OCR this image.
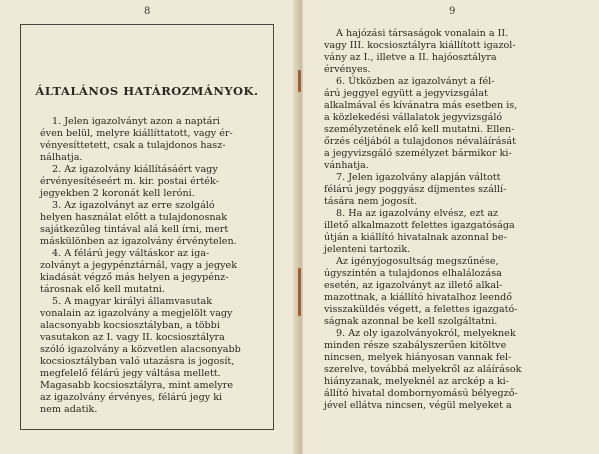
8
ÁLTALÁNOS HATÁROZMÁNYOK.
1. Jelen igazolványt azon a naptári
éven belül, melyre kiállíttatott, vagy ér-
vényesíttetett, csak a tulajdonos hasz-
nálhatja.
2. Az igazolvány kiállításáért vagy
érvényesítéseért m. kir. postai érték-
jegyekben 2 koronát kell leróni.
3. Az igazolványt az erre szolgáló
helyen használat előtt a tulajdonosnak
sajátkezűleg tintával alá kell írni, mert
máskülönben az igazolvány érvénytelen.
4. A félárú jegy váltáskor az iga-
zolványt a jegypénztárnál, vagy a jegyek
kiadását végző más helyen a jegypénz-
tárosnak elő kell mutatni.
5. A magyar királyi államvasutak
vonalain az igazolvány a megjelölt vagy
alacsonyabb kocsiosztályban, a többi
vasutakon az I. vagy II. kocsiosztályra
szóló igazolvány a közvetlen alacsonyabb
kocsiosztályban való utazásra is jogosít,
megfelelő félárú jegy váltása mellett.
Magasabb kocsiosztályra, mint amelyre
az igazolvány érvényes, félárú jegy ki
nem adatik.
9
A hajózási társaságok vonalain a II.
vagy III. kocsiosztályra kiállított igazol-
vány az I., illetve a II. hajóosztályra
érvényes.
6. Útközben az igazolványt a fél-
árú jeggyel együtt a jegyvizsgálat
alkalmával és kívánatra más esetben is,
a közlekedési vállalatok jegyvizsgáló
személyzetének elő kell mutatni. Ellen-
őrzés céljából a tulajdonos névaláírását
a jegyvizsgáló személyzet bármikor ki-
vánhatja.
7. Jelen igazolvány alapján váltott
félárú jegy poggyász díjmentes szállí-
tására nem jogosít.
8. Ha az igazolvány elvész, ezt az
illető alkalmazott felettes igazgatósága
útján a kiállító hivatalnak azonnal be-
jelenteni tartozik.
Az igényjogosultság megszűnése,
úgyszintén a tulajdonos elhalálozása
esetén, az igazolványt az illető alkal-
mazottnak, a kiállító hivatalhoz leendő
visszaküldés végett, a felettes igazgató-
ságnak azonnal be kell szolgáltatni.
9. Az oly igazolványokról, melyeknek
minden része szabályszerűen kitöltve
nincsen, melyek hiányosan vannak fel-
szerelve, továbbá melyekről az aláírások
hiányzanak, melyeknél az arckép a ki-
állító hivatal dombornyomású bélyegző-
jével ellátva nincsen, végül melyeket a
